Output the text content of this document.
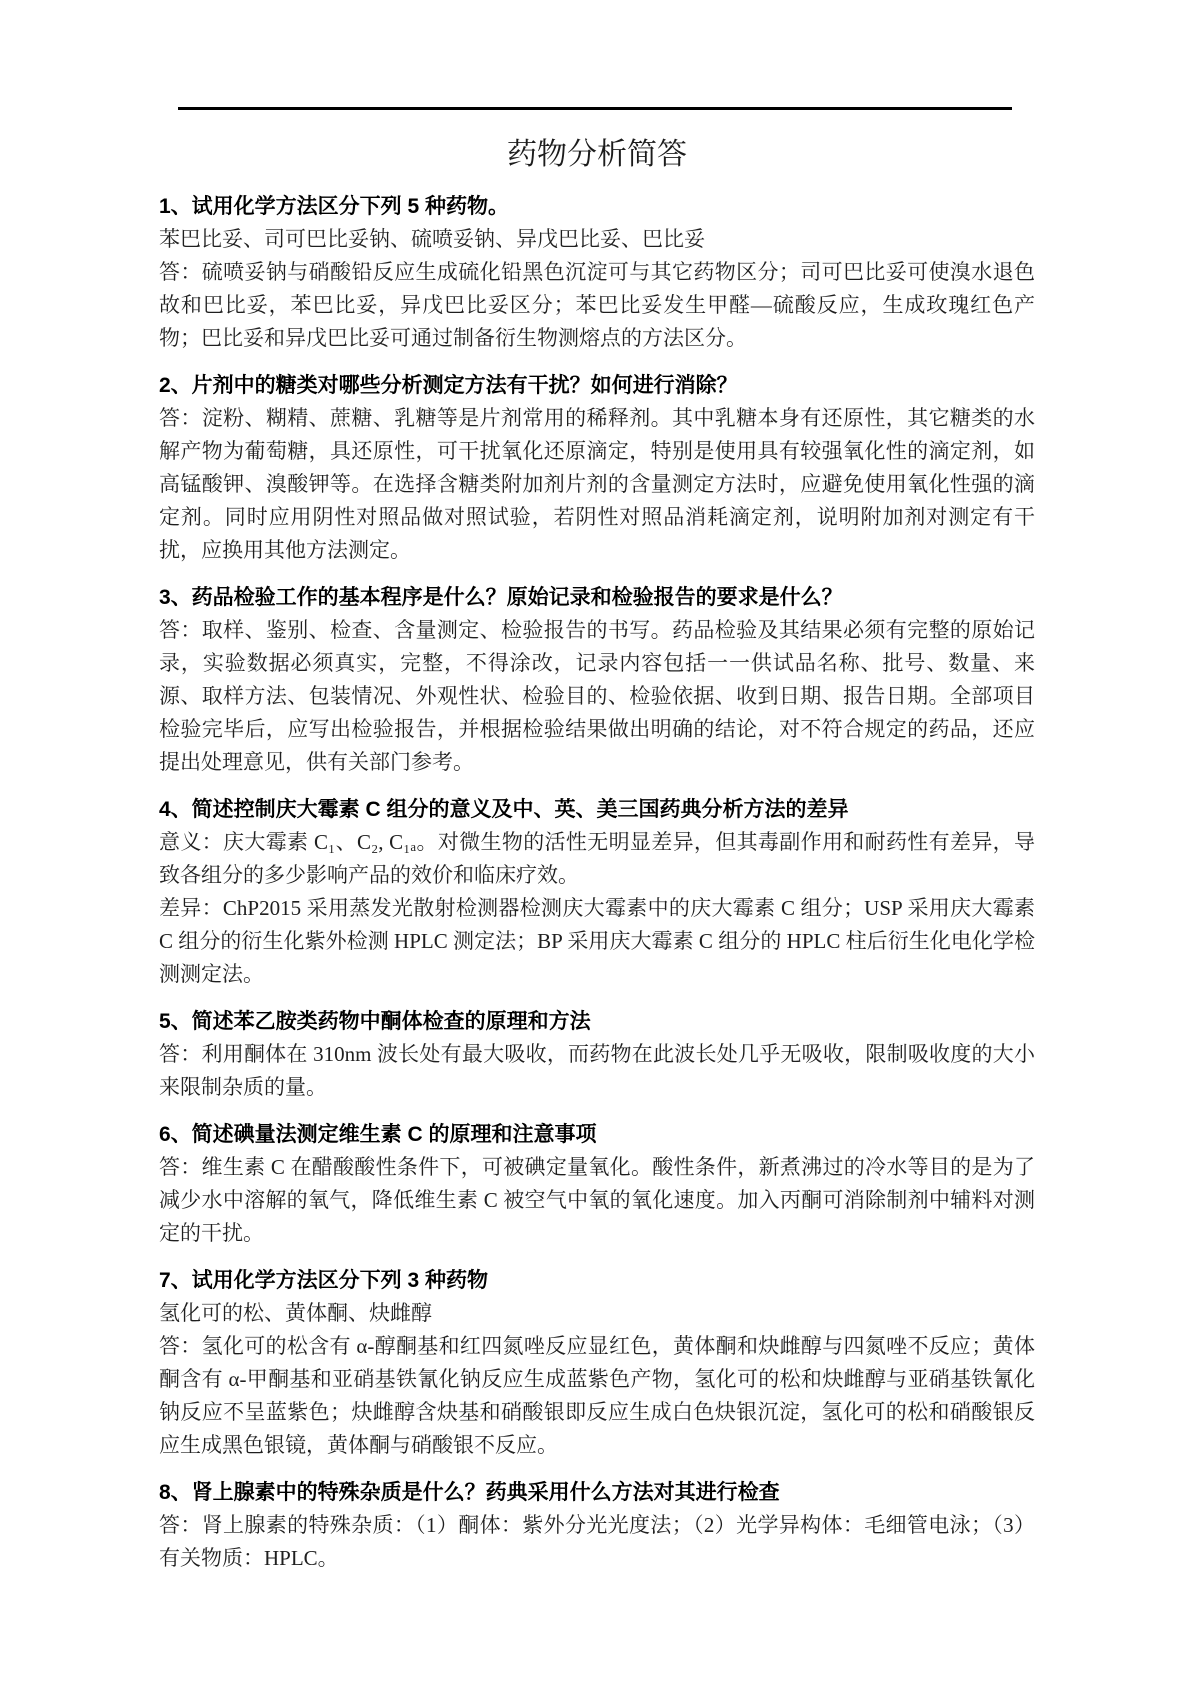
药物分析简答
1、试用化学方法区分下列 5 种药物。

苯巴比妥、司可巴比妥钠、硫喷妥钠、异戊巴比妥、巴比妥

答：硫喷妥钠与硝酸铅反应生成硫化铅黑色沉淀可与其它药物区分；司可巴比妥可使溴水退色故和巴比妥，苯巴比妥，异戊巴比妥区分；苯巴比妥发生甲醛—硫酸反应，生成玫瑰红色产物；巴比妥和异戊巴比妥可通过制备衍生物测熔点的方法区分。

2、片剂中的糖类对哪些分析测定方法有干扰？如何进行消除？

答：淀粉、糊精、蔗糖、乳糖等是片剂常用的稀释剂。其中乳糖本身有还原性，其它糖类的水解产物为葡萄糖，具还原性，可干扰氧化还原滴定，特别是使用具有较强氧化性的滴定剂，如高锰酸钾、溴酸钾等。在选择含糖类附加剂片剂的含量测定方法时，应避免使用氧化性强的滴定剂。同时应用阴性对照品做对照试验，若阴性对照品消耗滴定剂，说明附加剂对测定有干扰，应换用其他方法测定。

3、药品检验工作的基本程序是什么？原始记录和检验报告的要求是什么？

答：取样、鉴别、检查、含量测定、检验报告的书写。药品检验及其结果必须有完整的原始记录，实验数据必须真实，完整，不得涂改，记录内容包括一一供试品名称、批号、数量、来源、取样方法、包装情况、外观性状、检验目的、检验依据、收到日期、报告日期。全部项目检验完毕后，应写出检验报告，并根据检验结果做出明确的结论，对不符合规定的药品，还应提出处理意见，供有关部门参考。

4、简述控制庆大霉素 C 组分的意义及中、英、美三国药典分析方法的差异

意义：庆大霉素 C₁、C₂, C₁ₐ。对微生物的活性无明显差异，但其毒副作用和耐药性有差异，导致各组分的多少影响产品的效价和临床疗效。

差异：ChP2015 采用蒸发光散射检测器检测庆大霉素中的庆大霉素 C 组分；USP 采用庆大霉素 C 组分的衍生化紫外检测 HPLC 测定法；BP 采用庆大霉素 C 组分的 HPLC 柱后衍生化电化学检测测定法。

5、简述苯乙胺类药物中酮体检查的原理和方法

答：利用酮体在 310nm 波长处有最大吸收，而药物在此波长处几乎无吸收，限制吸收度的大小来限制杂质的量。

6、简述碘量法测定维生素 C 的原理和注意事项

答：维生素 C 在醋酸酸性条件下，可被碘定量氧化。酸性条件，新煮沸过的冷水等目的是为了减少水中溶解的氧气，降低维生素 C 被空气中氧的氧化速度。加入丙酮可消除制剂中辅料对测定的干扰。

7、试用化学方法区分下列 3 种药物

氢化可的松、黄体酮、炔雌醇

答：氢化可的松含有 α-醇酮基和红四氮唑反应显红色，黄体酮和炔雌醇与四氮唑不反应；黄体酮含有 α-甲酮基和亚硝基铁氰化钠反应生成蓝紫色产物，氢化可的松和炔雌醇与亚硝基铁氰化钠反应不呈蓝紫色；炔雌醇含炔基和硝酸银即反应生成白色炔银沉淀，氢化可的松和硝酸银反应生成黑色银镜，黄体酮与硝酸银不反应。

8、肾上腺素中的特殊杂质是什么？药典采用什么方法对其进行检查

答：肾上腺素的特殊杂质：（1）酮体：紫外分光光度法；（2）光学异构体：毛细管电泳；（3）有关物质：HPLC。
